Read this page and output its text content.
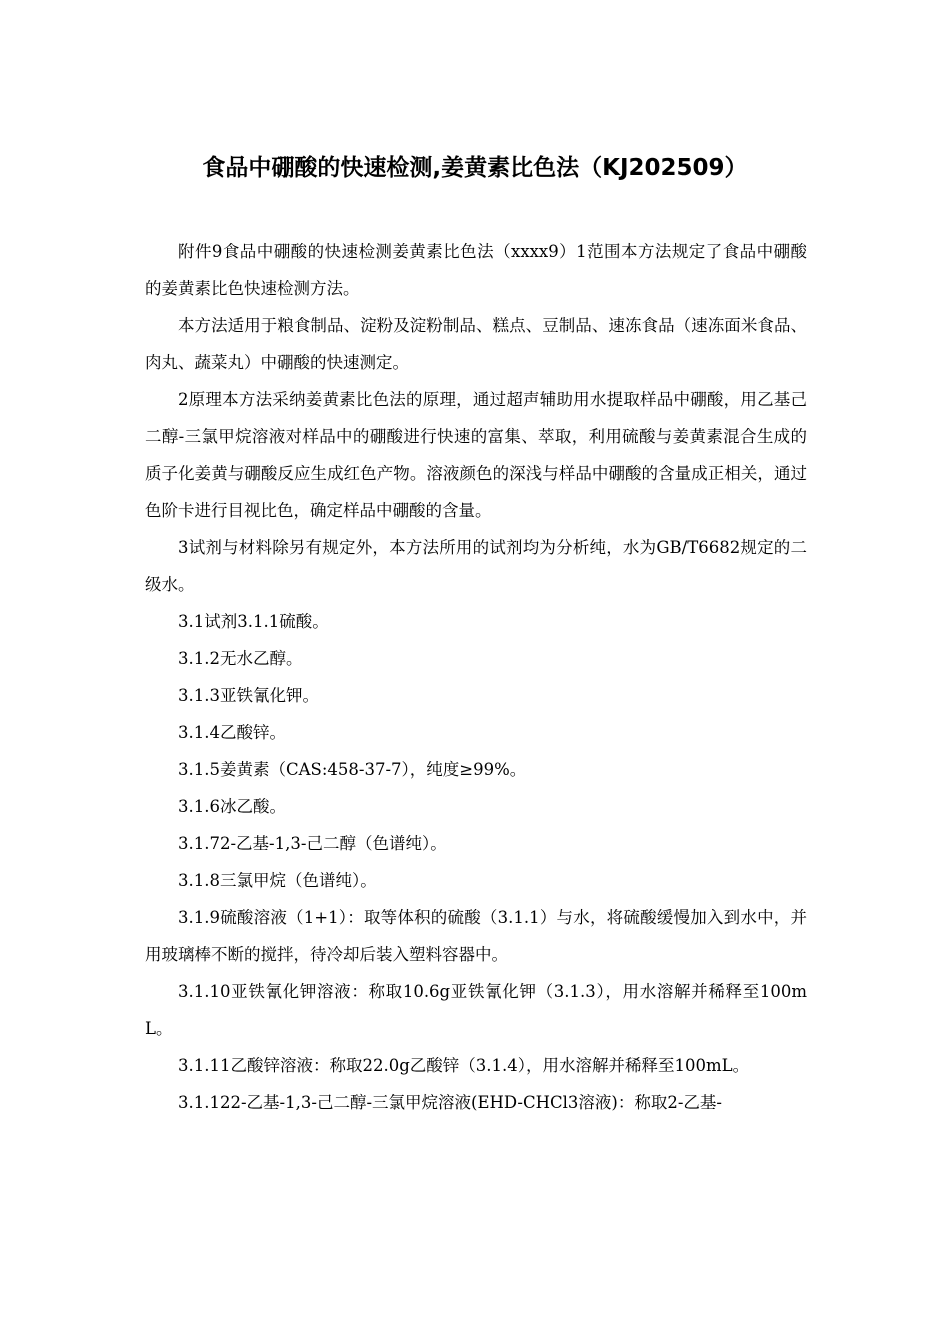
食品中硼酸的快速检测,姜黄素比色法（KJ202509）

附件9食品中硼酸的快速检测姜黄素比色法（xxxx9）1范围本方法规定了食品中硼酸的姜黄素比色快速检测方法。

本方法适用于粮食制品、淀粉及淀粉制品、糕点、豆制品、速冻食品（速冻面米食品、肉丸、蔬菜丸）中硼酸的快速测定。

2原理本方法采纳姜黄素比色法的原理，通过超声辅助用水提取样品中硼酸，用乙基己二醇-三氯甲烷溶液对样品中的硼酸进行快速的富集、萃取，利用硫酸与姜黄素混合生成的质子化姜黄与硼酸反应生成红色产物。溶液颜色的深浅与样品中硼酸的含量成正相关，通过色阶卡进行目视比色，确定样品中硼酸的含量。

3试剂与材料除另有规定外，本方法所用的试剂均为分析纯，水为GB/T6682规定的二级水。

3.1试剂3.1.1硫酸。

3.1.2无水乙醇。

3.1.3亚铁氰化钾。

3.1.4乙酸锌。

3.1.5姜黄素（CAS:458-37-7），纯度≥99%。

3.1.6冰乙酸。

3.1.72-乙基-1,3-己二醇（色谱纯）。

3.1.8三氯甲烷（色谱纯）。

3.1.9硫酸溶液（1+1）：取等体积的硫酸（3.1.1）与水，将硫酸缓慢加入到水中，并用玻璃棒不断的搅拌，待冷却后装入塑料容器中。

3.1.10亚铁氰化钾溶液：称取10.6g亚铁氰化钾（3.1.3），用水溶解并稀释至100mL。

3.1.11乙酸锌溶液：称取22.0g乙酸锌（3.1.4），用水溶解并稀释至100mL。

3.1.122-乙基-1,3-己二醇-三氯甲烷溶液(EHD-CHCl3溶液)：称取2-乙基-
